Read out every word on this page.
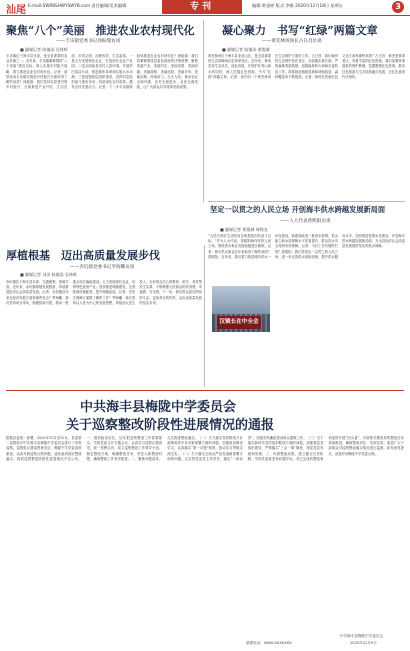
汕尾 E-mail:SWRBSHWYSWYB.com 责任编辑/美术编辑	专刊	编辑:黄金婷 版式:李维 2020年12月18日 星期五	3
聚焦“八个”美丽　推进农业农村现代化
——丰乐镇党委书记徐振瑞访谈
■ 融媒记者 陈镇添 吴林辉
丰乐镇位于海丰县北部，是全县重要的农业乡镇之一。近年来，丰乐镇紧紧围绕“八个美丽”建设目标，深入实施乡村振兴战略，着力推进农业农村现代化。记者：请您谈谈丰乐镇在推进乡村振兴方面取得了哪些成效？徐振瑞：我们坚持以党建引领乡村振兴，全面推进产业兴旺、生态宜居、乡风文明、治理有效、生活富裕。一是大力发展特色农业，打造现代农业产业园；二是全面改善农村人居环境，开展村庄清洁行动，推进厕所革命和垃圾污水治理；三是加强基层组织建设，发挥村党组织战斗堡垒作用；四是深化农村改革，激发农村发展活力。记者：下一步丰乐镇将如何推进农业农村现代化？徐振瑞：我们将紧紧围绕县委县政府的决策部署，聚焦美丽产业、美丽村庄、美丽田园、美丽河湖、美丽道路、美丽庭院、美丽乡风、美丽治理，持续用力、久久为功，推动农业全面升级、农村全面进步、农民全面发展，让广大群众共享改革发展成果。
凝心聚力　书写“红绿”两篇文章
——黄羌林场场长古日昌访谈
■ 融媒记者 陈镇添 黄俊城
黄羌林场位于海丰县北部山区，是全县重要的生态屏障和红色革命老区。近年来，林场坚持生态优先、绿色发展，在保护好青山绿水的同时，深入挖掘红色资源，书写“红绿”两篇文章。记者：请介绍一下黄羌林场在生态保护方面的工作。古日昌：我们始终把生态保护放在首位，全面落实林长制，严格森林资源管理，加强森林防火和病虫害防治工作，持续推进植树造林和林相改造，森林覆盖率不断提高。记者：林场在传承红色文化方面有哪些举措？古日昌：黄羌是革命老区，有着丰富的红色资源。我们加强革命遗址的保护修缮，挖掘整理红色故事，推动红色旅游与生态旅游融合发展，让红色基因代代相传。
坚定一以贯之的人民立场 开创海丰供水跨越发展新局面
——人大代表曾熙阳访谈
■ 融媒记者 黄俊城 周锦龙
“人民对美好生活的向往就是我们的奋斗目标。”作为人大代表，曾熙阳始终坚持人民立场，围绕供水事业发展积极建言献策。记者：海丰供水事业近年来取得了哪些成绩？曾熙阳：近年来，我们着力推进城乡供水一体化建设，新建和改造一批供水管网，供水能力和水质保障水平显著提升，群众饮水安全得到有效保障。记者：今后工作有哪些打算？曾熙阳：我们将坚定一以贯之的人民立场，进一步完善供水基础设施，提升供水服务水平，加快推进智慧水务建设，开创海丰供水跨越发展新局面，为全县经济社会高质量发展提供坚实的供水保障。
厚植根基　迈出高质量发展步伐
——赤坑镇党委书记罗海雕访谈
■ 融媒记者 刘泽 陈镇添 吴林辉
赤坑镇位于海丰县东部，交通便利，资源丰富。近年来，赤坑镇厚植发展根基，持续推进经济社会高质量发展。记者：赤坑镇近年来在经济发展方面有哪些亮点？罗海雕：我们坚持项目带动，积极招商引资，推动一批重点项目落地建设；大力发展现代农业，培育特色优势产业；加快推进城镇建设，完善基础设施配套，提升城镇品质。记者：在民生保障方面做了哪些工作？罗海雕：我们坚持以人民为中心的发展思想，持续加大民生投入，办好群众关心的教育、医疗、养老等民生实事，不断增强人民群众的获得感、幸福感、安全感。下一步，我们将以更加昂扬的斗志、更加务实的作风，迈出高质量发展的坚实步伐。
汉镇长在中全会
中共海丰县梅陇中学委员会
关于巡察整改阶段性进展情况的通报
根据县委统一部署，2020年11月至12月，县委第二巡察组对中共海丰县梅陇中学委员会进行了常规巡察。巡察组反馈巡察意见后，梅陇中学党委高度重视，认真对照巡察反馈问题，逐条逐项抓好整改落实。现将巡察整改阶段性进展情况予以公布。一、提高政治站位，切实把巡察整改工作抓紧抓实。学校党委召开专题会议，认真学习巡察反馈意见，统一思想认识，成立巡察整改工作领导小组，制定整改方案，明确整改任务、责任人和整改时限，确保整改工作有序推进。二、聚焦问题清单，扎实推进整改落实。（一）关于落实党的路线方针政策和党中央决策部署方面的问题。加强政治理论学习，认真落实“第一议题”制度，推动学习贯彻走深走实。（二）关于落实全面从严治党战略部署方面的问题。压实管党治党主体责任，落实“一岗双责”，加强党风廉政建设和反腐败工作。（三）关于落实新时代党的组织路线方面的问题。加强基层党组织建设，严格落实“三会一课”制度，规范党员发展和管理。三、巩固整改成果，建立健全长效机制。学校党委将坚持问题导向，对已完成的整改事项适时开展“回头看”，对需要长期坚持的整改任务持续推进，确保整改到位、见到实效。欢迎广大干部群众对巡察整改落实情况进行监督。如有意见建议，请及时向梅陇中学党委反映。
中共海丰县梅陇中学委员会
2020年12月9日
联系电话：0660-XXXXXXX
